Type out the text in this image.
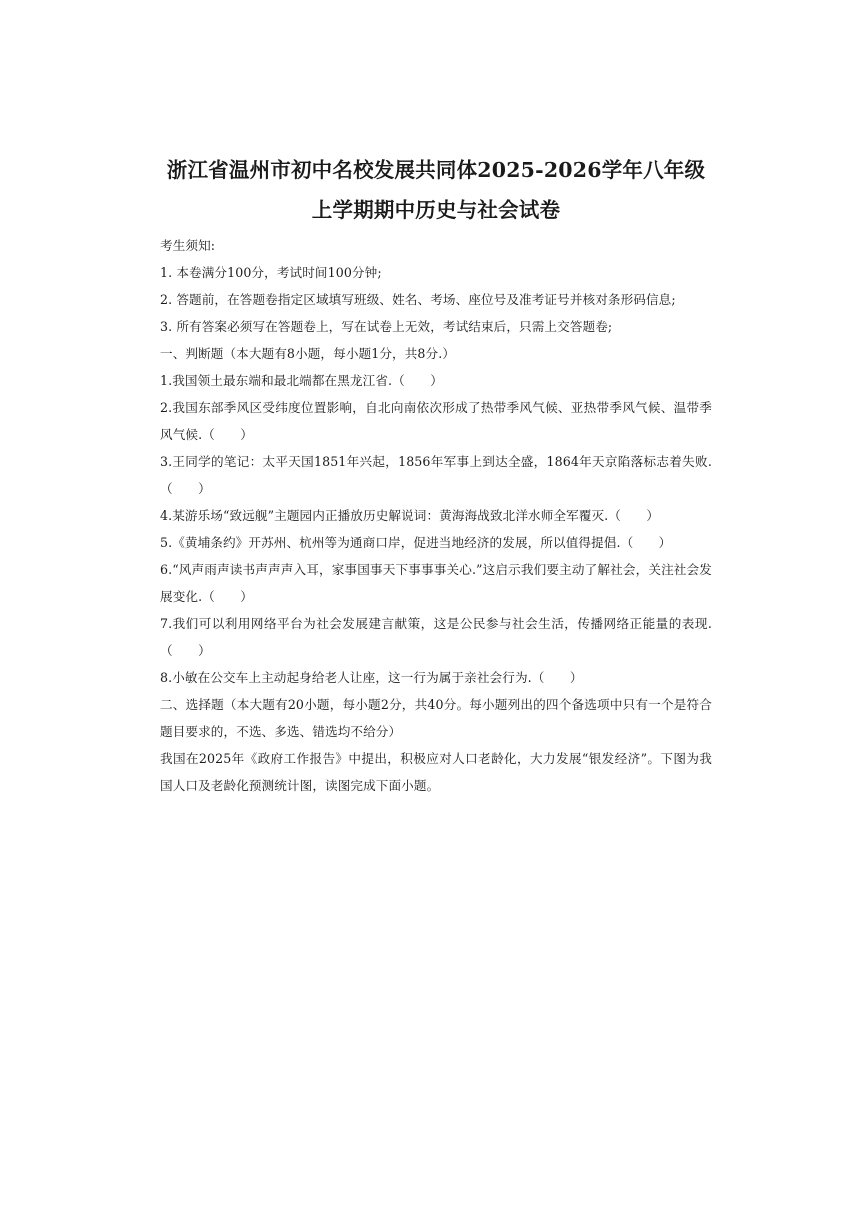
浙江省温州市初中名校发展共同体2025-2026学年八年级
上学期期中历史与社会试卷

考生须知:

1. 本卷满分100分，考试时间100分钟;

2. 答题前，在答题卷指定区域填写班级、姓名、考场、座位号及准考证号并核对条形码信息;

3. 所有答案必须写在答题卷上，写在试卷上无效，考试结束后，只需上交答题卷;

一、判断题（本大题有8小题，每小题1分，共8分.）

1.我国领土最东端和最北端都在黑龙江省.（　　）

2.我国东部季风区受纬度位置影响，自北向南依次形成了热带季风气候、亚热带季风气候、温带季风气候.（　　）

3.王同学的笔记：太平天国1851年兴起，1856年军事上到达全盛，1864年天京陷落标志着失败.（　　）

4.某游乐场“致远舰”主题园内正播放历史解说词：黄海海战致北洋水师全军覆灭.（　　）

5.《黄埔条约》开苏州、杭州等为通商口岸，促进当地经济的发展，所以值得提倡.（　　）

6.“风声雨声读书声声声入耳，家事国事天下事事事关心.”这启示我们要主动了解社会，关注社会发展变化.（　　）

7.我们可以利用网络平台为社会发展建言献策，这是公民参与社会生活，传播网络正能量的表现.（　　）

8.小敏在公交车上主动起身给老人让座，这一行为属于亲社会行为.（　　）

二、选择题（本大题有20小题，每小题2分，共40分。每小题列出的四个备选项中只有一个是符合题目要求的，不选、多选、错选均不给分）

我国在2025年《政府工作报告》中提出，积极应对人口老龄化，大力发展“银发经济”。下图为我国人口及老龄化预测统计图，读图完成下面小题。
